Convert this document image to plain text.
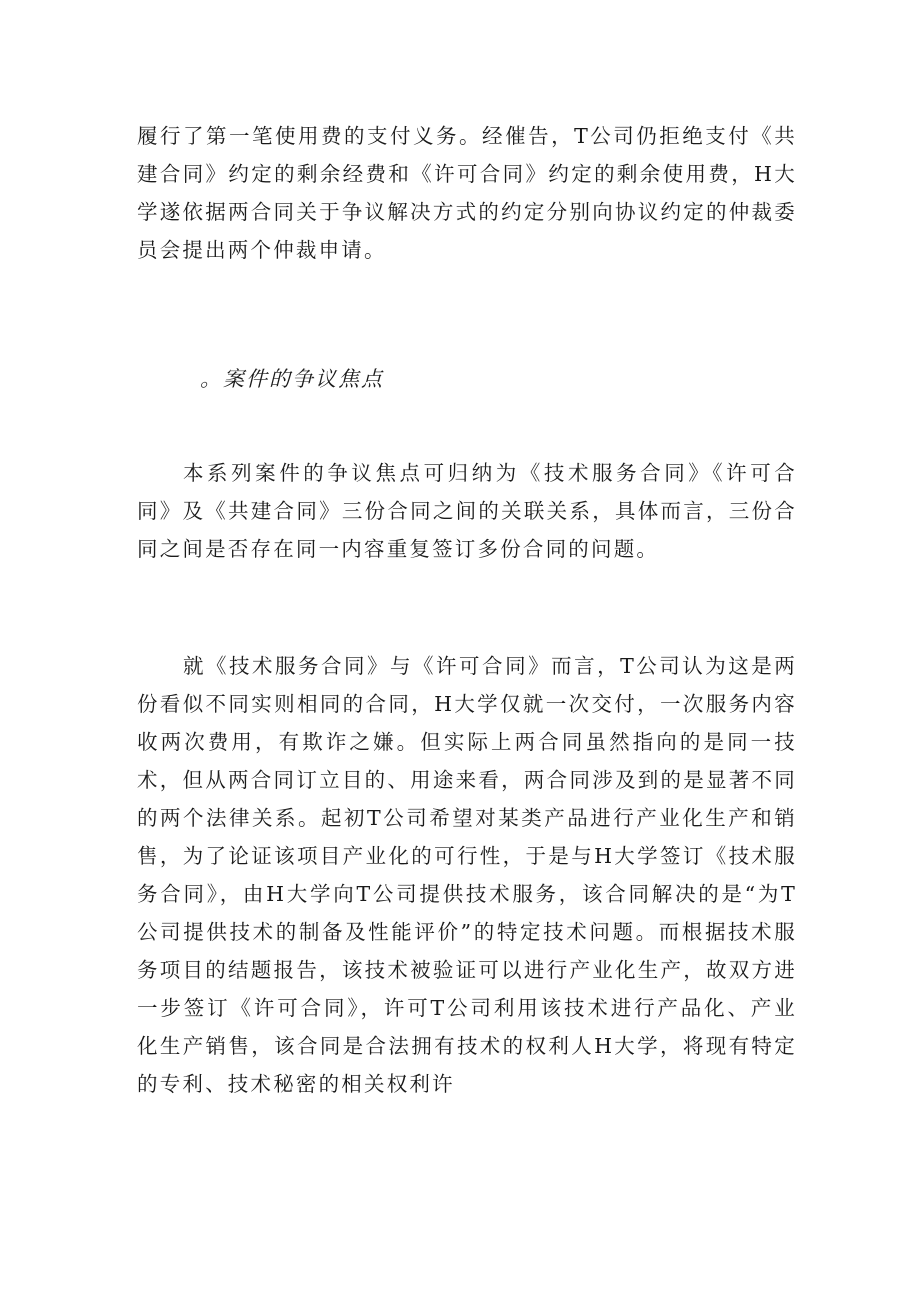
履行了第一笔使用费的支付义务。经催告，T公司仍拒绝支付《共建合同》约定的剩余经费和《许可合同》约定的剩余使用费，H大学遂依据两合同关于争议解决方式的约定分别向协议约定的仲裁委员会提出两个仲裁申请。

。案件的争议焦点

本系列案件的争议焦点可归纳为《技术服务合同》《许可合同》及《共建合同》三份合同之间的关联关系，具体而言，三份合同之间是否存在同一内容重复签订多份合同的问题。

就《技术服务合同》与《许可合同》而言，T公司认为这是两份看似不同实则相同的合同，H大学仅就一次交付，一次服务内容收两次费用，有欺诈之嫌。但实际上两合同虽然指向的是同一技术，但从两合同订立目的、用途来看，两合同涉及到的是显著不同的两个法律关系。起初T公司希望对某类产品进行产业化生产和销售，为了论证该项目产业化的可行性，于是与H大学签订《技术服务合同》，由H大学向T公司提供技术服务，该合同解决的是“为T公司提供技术的制备及性能评价”的特定技术问题。而根据技术服务项目的结题报告，该技术被验证可以进行产业化生产，故双方进一步签订《许可合同》，许可T公司利用该技术进行产品化、产业化生产销售，该合同是合法拥有技术的权利人H大学，将现有特定的专利、技术秘密的相关权利许
